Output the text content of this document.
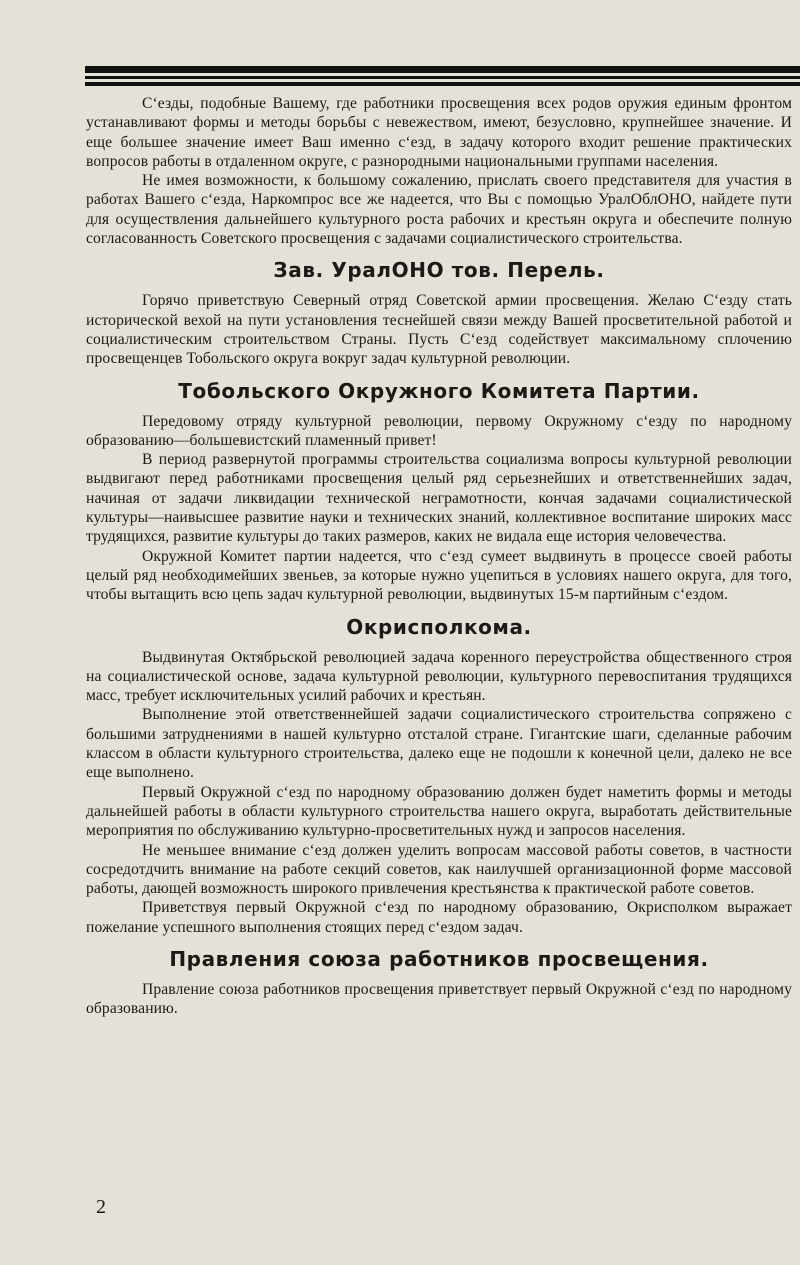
С‘езды, подобные Вашему, где работники просвещения всех родов оружия единым фронтом устанавливают формы и методы борьбы с невежеством, имеют, безусловно, крупнейшее значение. И еще большее значение имеет Ваш именно с‘езд, в задачу которого входит решение практических вопросов работы в отдаленном округе, с разнородными национальными группами населения.

Не имея возможности, к большому сожалению, прислать своего представителя для участия в работах Вашего с‘езда, Наркомпрос все же надеется, что Вы с помощью УралОблОНО, найдете пути для осуществления дальнейшего культурного роста рабочих и крестьян округа и обеспечите полную согласованность Советского просвещения с задачами социалистического строительства.

Зав. УралОНО тов. Перель.

Горячо приветствую Северный отряд Советской армии просвещения. Желаю С‘езду стать исторической вехой на пути установления теснейшей связи между Вашей просветительной работой и социалистическим строительством Страны. Пусть С‘езд содействует максимальному сплочению просвещенцев Тобольского округа вокруг задач культурной революции.

Тобольского Окружного Комитета Партии.

Передовому отряду культурной революции, первому Окружному с‘езду по народному образованию—большевистский пламенный привет!

В период развернутой программы строительства социализма вопросы культурной революции выдвигают перед работниками просвещения целый ряд серьезнейших и ответственнейших задач, начиная от задачи ликвидации технической неграмотности, кончая задачами социалистической культуры—наивысшее развитие науки и технических знаний, коллективное воспитание широких масс трудящихся, развитие культуры до таких размеров, каких не видала еще история человечества.

Окружной Комитет партии надеется, что с‘езд сумеет выдвинуть в процессе своей работы целый ряд необходимейших звеньев, за которые нужно уцепиться в условиях нашего округа, для того, чтобы вытащить всю цепь задач культурной революции, выдвинутых 15-м партийным с‘ездом.

Окрисполкома.

Выдвинутая Октябрьской революцией задача коренного переустройства общественного строя на социалистической основе, задача культурной революции, культурного перевоспитания трудящихся масс, требует исключительных усилий рабочих и крестьян.

Выполнение этой ответственнейшей задачи социалистического строительства сопряжено с большими затруднениями в нашей культурно отсталой стране. Гигантские шаги, сделанные рабочим классом в области культурного строительства, далеко еще не подошли к конечной цели, далеко не все еще выполнено.

Первый Окружной с‘езд по народному образованию должен будет наметить формы и методы дальнейшей работы в области культурного строительства нашего округа, выработать действительные мероприятия по обслуживанию культурно-просветительных нужд и запросов населения.

Не меньшее внимание с‘езд должен уделить вопросам массовой работы советов, в частности сосредотдчить внимание на работе секций советов, как наилучшей организационной форме массовой работы, дающей возможность широкого привлечения крестьянства к практической работе советов.

Приветствуя первый Окружной с‘езд по народному образованию, Окрисполком выражает пожелание успешного выполнения стоящих перед с‘ездом задач.

Правления союза работников просвещения.

Правление союза работников просвещения приветствует первый Окружной с‘езд по народному образованию.

2
